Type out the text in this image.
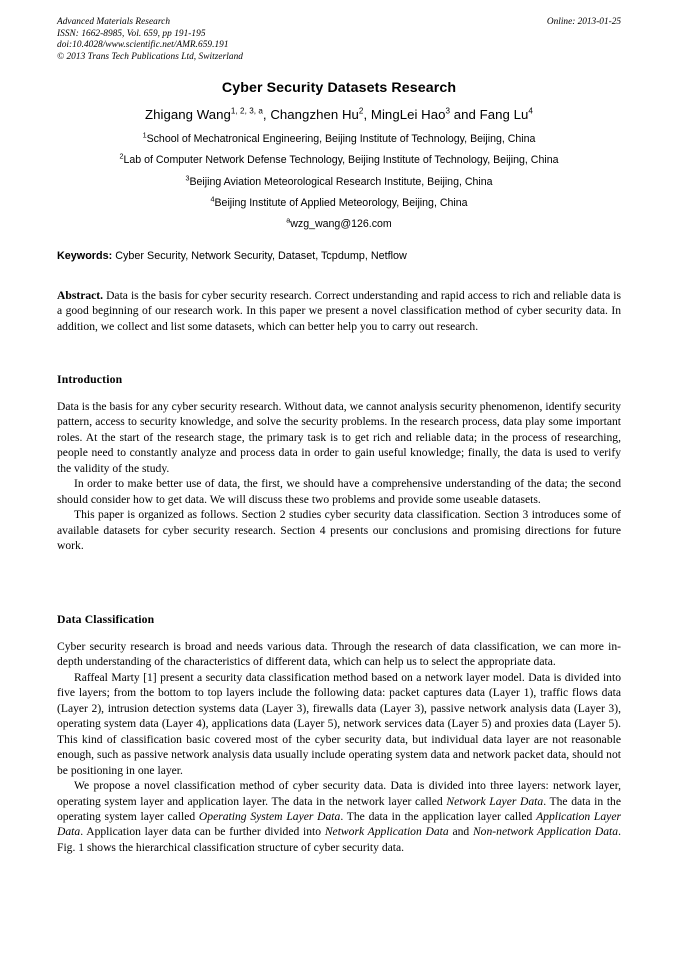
Advanced Materials Research
ISSN: 1662-8985, Vol. 659, pp 191-195
doi:10.4028/www.scientific.net/AMR.659.191
© 2013 Trans Tech Publications Ltd, Switzerland
Online: 2013-01-25
Cyber Security Datasets Research
Zhigang Wang$^{1, 2, 3, a}$, Changzhen Hu$^2$, MingLei Hao$^3$ and Fang Lu$^4$
$^1$School of Mechatronical Engineering, Beijing Institute of Technology, Beijing, China
$^2$Lab of Computer Network Defense Technology, Beijing Institute of Technology, Beijing, China
$^3$Beijing Aviation Meteorological Research Institute, Beijing, China
$^4$Beijing Institute of Applied Meteorology, Beijing, China
$^a$wzg_wang@126.com
Keywords: Cyber Security, Network Security, Dataset, Tcpdump, Netflow
Abstract. Data is the basis for cyber security research. Correct understanding and rapid access to rich and reliable data is a good beginning of our research work. In this paper we present a novel classification method of cyber security data. In addition, we collect and list some datasets, which can better help you to carry out research.
Introduction

Data is the basis for any cyber security research. Without data, we cannot analysis security phenomenon, identify security pattern, access to security knowledge, and solve the security problems. In the research process, data play some important roles. At the start of the research stage, the primary task is to get rich and reliable data; in the process of researching, people need to constantly analyze and process data in order to gain useful knowledge; finally, the data is used to verify the validity of the study.

In order to make better use of data, the first, we should have a comprehensive understanding of the data; the second should consider how to get data. We will discuss these two problems and provide some useable datasets.

This paper is organized as follows. Section 2 studies cyber security data classification. Section 3 introduces some of available datasets for cyber security research. Section 4 presents our conclusions and promising directions for future work.

Data Classification

Cyber security research is broad and needs various data. Through the research of data classification, we can more in-depth understanding of the characteristics of different data, which can help us to select the appropriate data.

Raffeal Marty [1] present a security data classification method based on a network layer model. Data is divided into five layers; from the bottom to top layers include the following data: packet captures data (Layer 1), traffic flows data (Layer 2), intrusion detection systems data (Layer 3), firewalls data (Layer 3), passive network analysis data (Layer 3), operating system data (Layer 4), applications data (Layer 5), network services data (Layer 5) and proxies data (Layer 5). This kind of classification basic covered most of the cyber security data, but individual data layer are not reasonable enough, such as passive network analysis data usually include operating system data and network packet data, should not be positioning in one layer.

We propose a novel classification method of cyber security data. Data is divided into three layers: network layer, operating system layer and application layer. The data in the network layer called Network Layer Data. The data in the operating system layer called Operating System Layer Data. The data in the application layer called Application Layer Data. Application layer data can be further divided into Network Application Data and Non-network Application Data. Fig. 1 shows the hierarchical classification structure of cyber security data.
